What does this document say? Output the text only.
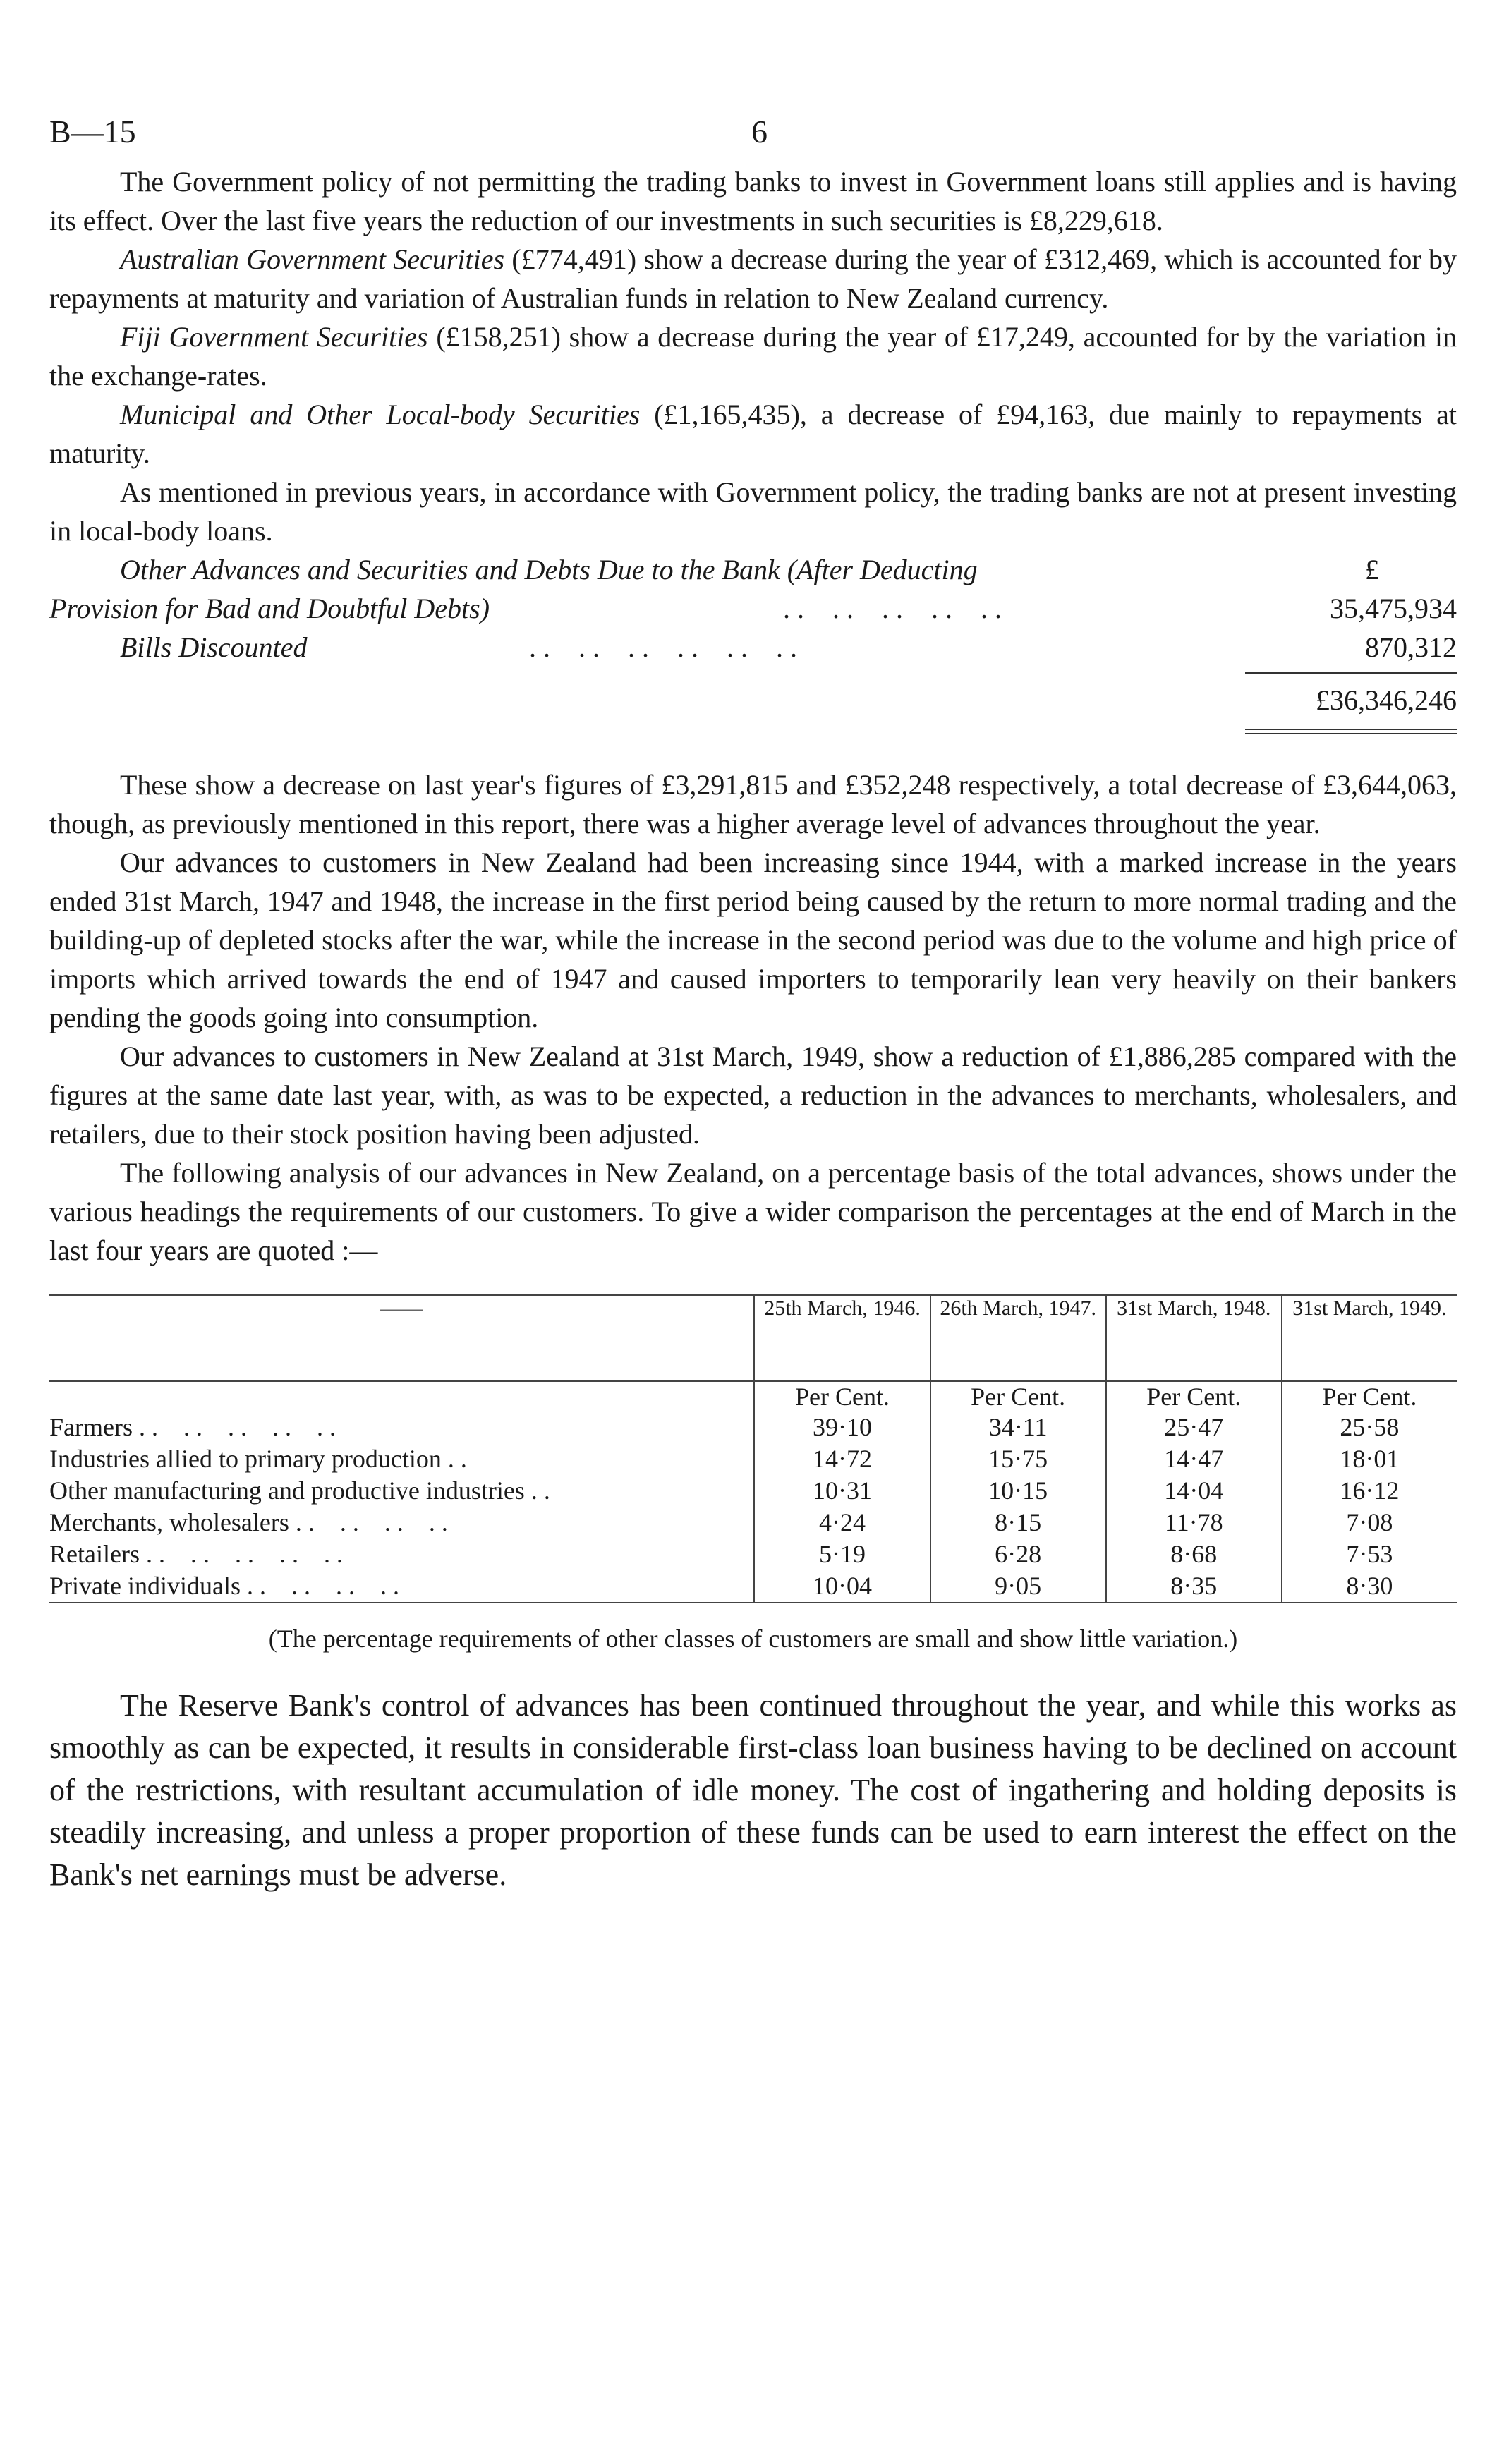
B—15	6

The Government policy of not permitting the trading banks to invest in Government loans still applies and is having its effect. Over the last five years the reduction of our investments in such securities is £8,229,618.

Australian Government Securities (£774,491) show a decrease during the year of £312,469, which is accounted for by repayments at maturity and variation of Australian funds in relation to New Zealand currency.

Fiji Government Securities (£158,251) show a decrease during the year of £17,249, accounted for by the variation in the exchange-rates.

Municipal and Other Local-body Securities (£1,165,435), a decrease of £94,163, due mainly to repayments at maturity.

As mentioned in previous years, in accordance with Government policy, the trading banks are not at present investing in local-body loans.

Other Advances and Securities and Debts Due to the Bank (After Deducting	£
Provision for Bad and Doubtful Debts)	. .    . .    . .    . .    . .	35,475,934
Bills Discounted	. .    . .    . .    . .    . .    . .	870,312
£36,346,246

These show a decrease on last year's figures of £3,291,815 and £352,248 respectively, a total decrease of £3,644,063, though, as previously mentioned in this report, there was a higher average level of advances throughout the year.

Our advances to customers in New Zealand had been increasing since 1944, with a marked increase in the years ended 31st March, 1947 and 1948, the increase in the first period being caused by the return to more normal trading and the building-up of depleted stocks after the war, while the increase in the second period was due to the volume and high price of imports which arrived towards the end of 1947 and caused importers to temporarily lean very heavily on their bankers pending the goods going into consumption.

Our advances to customers in New Zealand at 31st March, 1949, show a reduction of £1,886,285 compared with the figures at the same date last year, with, as was to be expected, a reduction in the advances to merchants, wholesalers, and retailers, due to their stock position having been adjusted.

The following analysis of our advances in New Zealand, on a percentage basis of the total advances, shows under the various headings the requirements of our customers. To give a wider comparison the percentages at the end of March in the last four years are quoted :—

——	25th March, 1946.	26th March, 1947.	31st March, 1948.	31st March, 1949.
	Per Cent.	Per Cent.	Per Cent.	Per Cent.
Farmers . .    . .    . .    . .    . .	39·10	34·11	25·47	25·58
Industries allied to primary production . .	14·72	15·75	14·47	18·01
Other manufacturing and productive industries . .	10·31	10·15	14·04	16·12
Merchants, wholesalers . .    . .    . .    . .	4·24	8·15	11·78	7·08
Retailers . .    . .    . .    . .    . .	5·19	6·28	8·68	7·53
Private individuals . .    . .    . .    . .	10·04	9·05	8·35	8·30
(The percentage requirements of other classes of customers are small and show little variation.)

The Reserve Bank's control of advances has been continued throughout the year, and while this works as smoothly as can be expected, it results in considerable first-class loan business having to be declined on account of the restrictions, with resultant accumulation of idle money. The cost of ingathering and holding deposits is steadily increasing, and unless a proper proportion of these funds can be used to earn interest the effect on the Bank's net earnings must be adverse.
